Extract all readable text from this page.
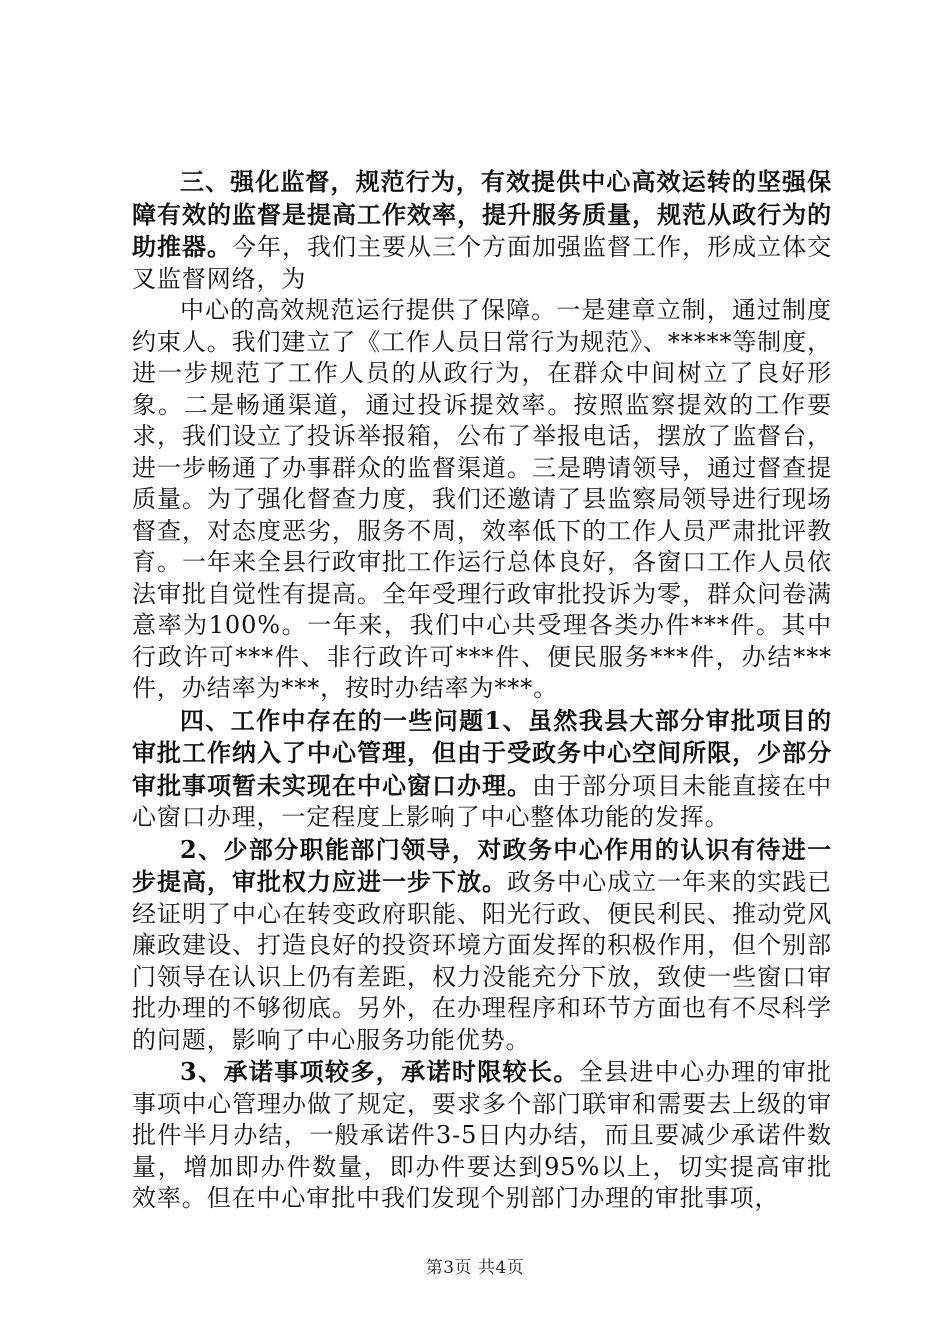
三、强化监督，规范行为，有效提供中心高效运转的坚强保障有效的监督是提高工作效率，提升服务质量，规范从政行为的助推器。今年，我们主要从三个方面加强监督工作，形成立体交叉监督网络，为

中心的高效规范运行提供了保障。一是建章立制，通过制度约束人。我们建立了《工作人员日常行为规范》、*****等制度，进一步规范了工作人员的从政行为，在群众中间树立了良好形象。二是畅通渠道，通过投诉提效率。按照监察提效的工作要求，我们设立了投诉举报箱，公布了举报电话，摆放了监督台，进一步畅通了办事群众的监督渠道。三是聘请领导，通过督查提质量。为了强化督查力度，我们还邀请了县监察局领导进行现场督查，对态度恶劣，服务不周，效率低下的工作人员严肃批评教育。一年来全县行政审批工作运行总体良好，各窗口工作人员依法审批自觉性有提高。全年受理行政审批投诉为零，群众问卷满意率为100%。一年来，我们中心共受理各类办件***件。其中行政许可***件、非行政许可***件、便民服务***件，办结***件，办结率为***，按时办结率为***。

四、工作中存在的一些问题1、虽然我县大部分审批项目的审批工作纳入了中心管理，但由于受政务中心空间所限，少部分审批事项暂未实现在中心窗口办理。由于部分项目未能直接在中心窗口办理，一定程度上影响了中心整体功能的发挥。

2、少部分职能部门领导，对政务中心作用的认识有待进一步提高，审批权力应进一步下放。政务中心成立一年来的实践已经证明了中心在转变政府职能、阳光行政、便民利民、推动党风廉政建设、打造良好的投资环境方面发挥的积极作用，但个别部门领导在认识上仍有差距，权力没能充分下放，致使一些窗口审批办理的不够彻底。另外，在办理程序和环节方面也有不尽科学的问题，影响了中心服务功能优势。

3、承诺事项较多，承诺时限较长。全县进中心办理的审批事项中心管理办做了规定，要求多个部门联审和需要去上级的审批件半月办结，一般承诺件3-5日内办结，而且要减少承诺件数量，增加即办件数量，即办件要达到95%以上，切实提高审批效率。但在中心审批中我们发现个别部门办理的审批事项，

第3页 共4页
